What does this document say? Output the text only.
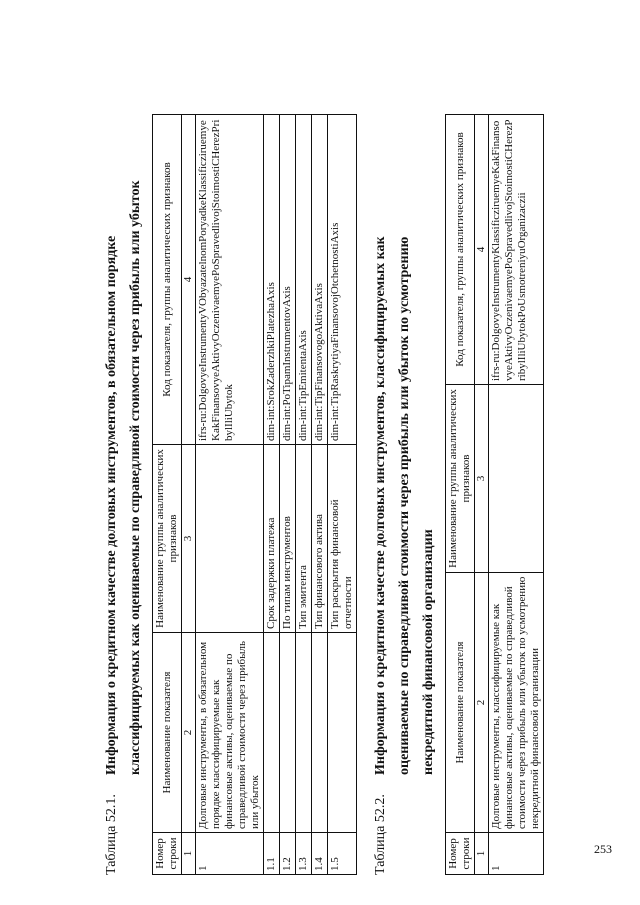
Таблица 52.1.
Информация о кредитном качестве долговых инструментов, в обязательном порядке классифицируемых как оцениваемые по справедливой стоимости через прибыль или убыток
Номер строки	Наименование показателя	Наименование группы аналитических признаков	Код показателя, группы аналитических признаков
1	2	3	4
1	Долговые инструменты, в обязательном порядке классифицируемые как финансовые активы, оцениваемые по справедливой стоимости через прибыль или убыток		ifrs-ru:DolgovyeInstrumentyVObyazatelnomPoryadkeKlassificziruemyeKakFinansovyeAktivyOczenivaemyePoSpravedlivojStoimostiCHerezPribylIliUbytok
1.1		Срок задержки платежа	dim-int:SrokZaderzhkiPlatezhaAxis
1.2		По типам инструментов	dim-int:PoTipamInstrumentovAxis
1.3		Тип эмитента	dim-int:TipEmitentaAxis
1.4		Тип финансового актива	dim-int:TipFinansovogoAktivaAxis
1.5		Тип раскрытия финансовой отчетности	dim-int:TipRaskrytiyaFinansovojOtchetnostiAxis
Таблица 52.2.
Информация о кредитном качестве долговых инструментов, классифицируемых как оцениваемые по справедливой стоимости через прибыль или убыток по усмотрению некредитной финансовой организации
Номер строки	Наименование показателя	Наименование группы аналитических признаков	Код показателя, группы аналитических признаков
1	2	3	4
1	Долговые инструменты, классифицируемые как финансовые активы, оцениваемые по справедливой стоимости через прибыль или убыток по усмотрению некредитной финансовой организации		ifrs-ru:DolgovyeInstrumentyKlassificziruemyeKakFinansovyeAktivyOczenivaemyePoSpravedlivojStoimostiCHerezPribylIliUbytokPoUsmotreniyuOrganizaczii
253
